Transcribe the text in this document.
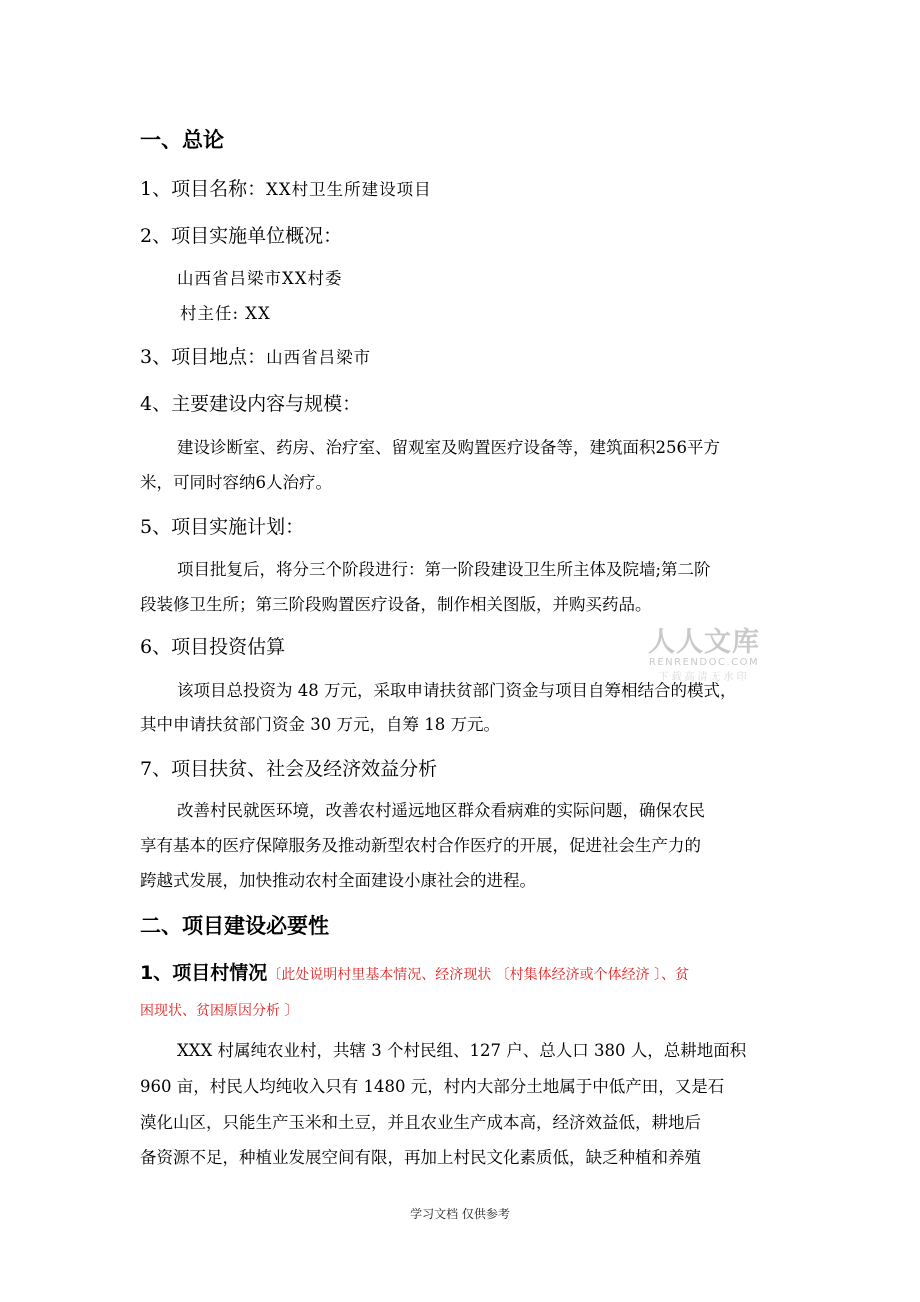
一、总论
1、项目名称：XX村卫生所建设项目
2、项目实施单位概况：
山西省吕梁市XX村委
村主任: XX
3、项目地点：山西省吕梁市
4、主要建设内容与规模：
建设诊断室、药房、治疗室、留观室及购置医疗设备等，建筑面积256平方
米，可同时容纳6人治疗。
5、项目实施计划：
项目批复后，将分三个阶段进行：第一阶段建设卫生所主体及院墙;第二阶
段装修卫生所；第三阶段购置医疗设备，制作相关图版，并购买药品。
6、项目投资估算
该项目总投资为 48 万元，采取申请扶贫部门资金与项目自筹相结合的模式，
其中申请扶贫部门资金 30 万元，自筹 18 万元。
7、项目扶贫、社会及经济效益分析
改善村民就医环境，改善农村遥远地区群众看病难的实际问题，确保农民
享有基本的医疗保障服务及推动新型农村合作医疗的开展，促进社会生产力的
跨越式发展，加快推动农村全面建设小康社会的进程。
二、项目建设必要性
1、项目村情况〔此处说明村里基本情况、经济现状 〔村集体经济或个体经济 〕、贫
困现状、贫困原因分析 〕
XXX 村属纯农业村，共辖 3 个村民组、127 户、总人口 380 人，总耕地面积
960 亩，村民人均纯收入只有 1480 元，村内大部分土地属于中低产田，又是石
漠化山区，只能生产玉米和土豆，并且农业生产成本高，经济效益低，耕地后
备资源不足，种植业发展空间有限，再加上村民文化素质低，缺乏种植和养殖
人人文库
RENRENDOC.COM
下载高清无水印
学习文档 仅供参考
